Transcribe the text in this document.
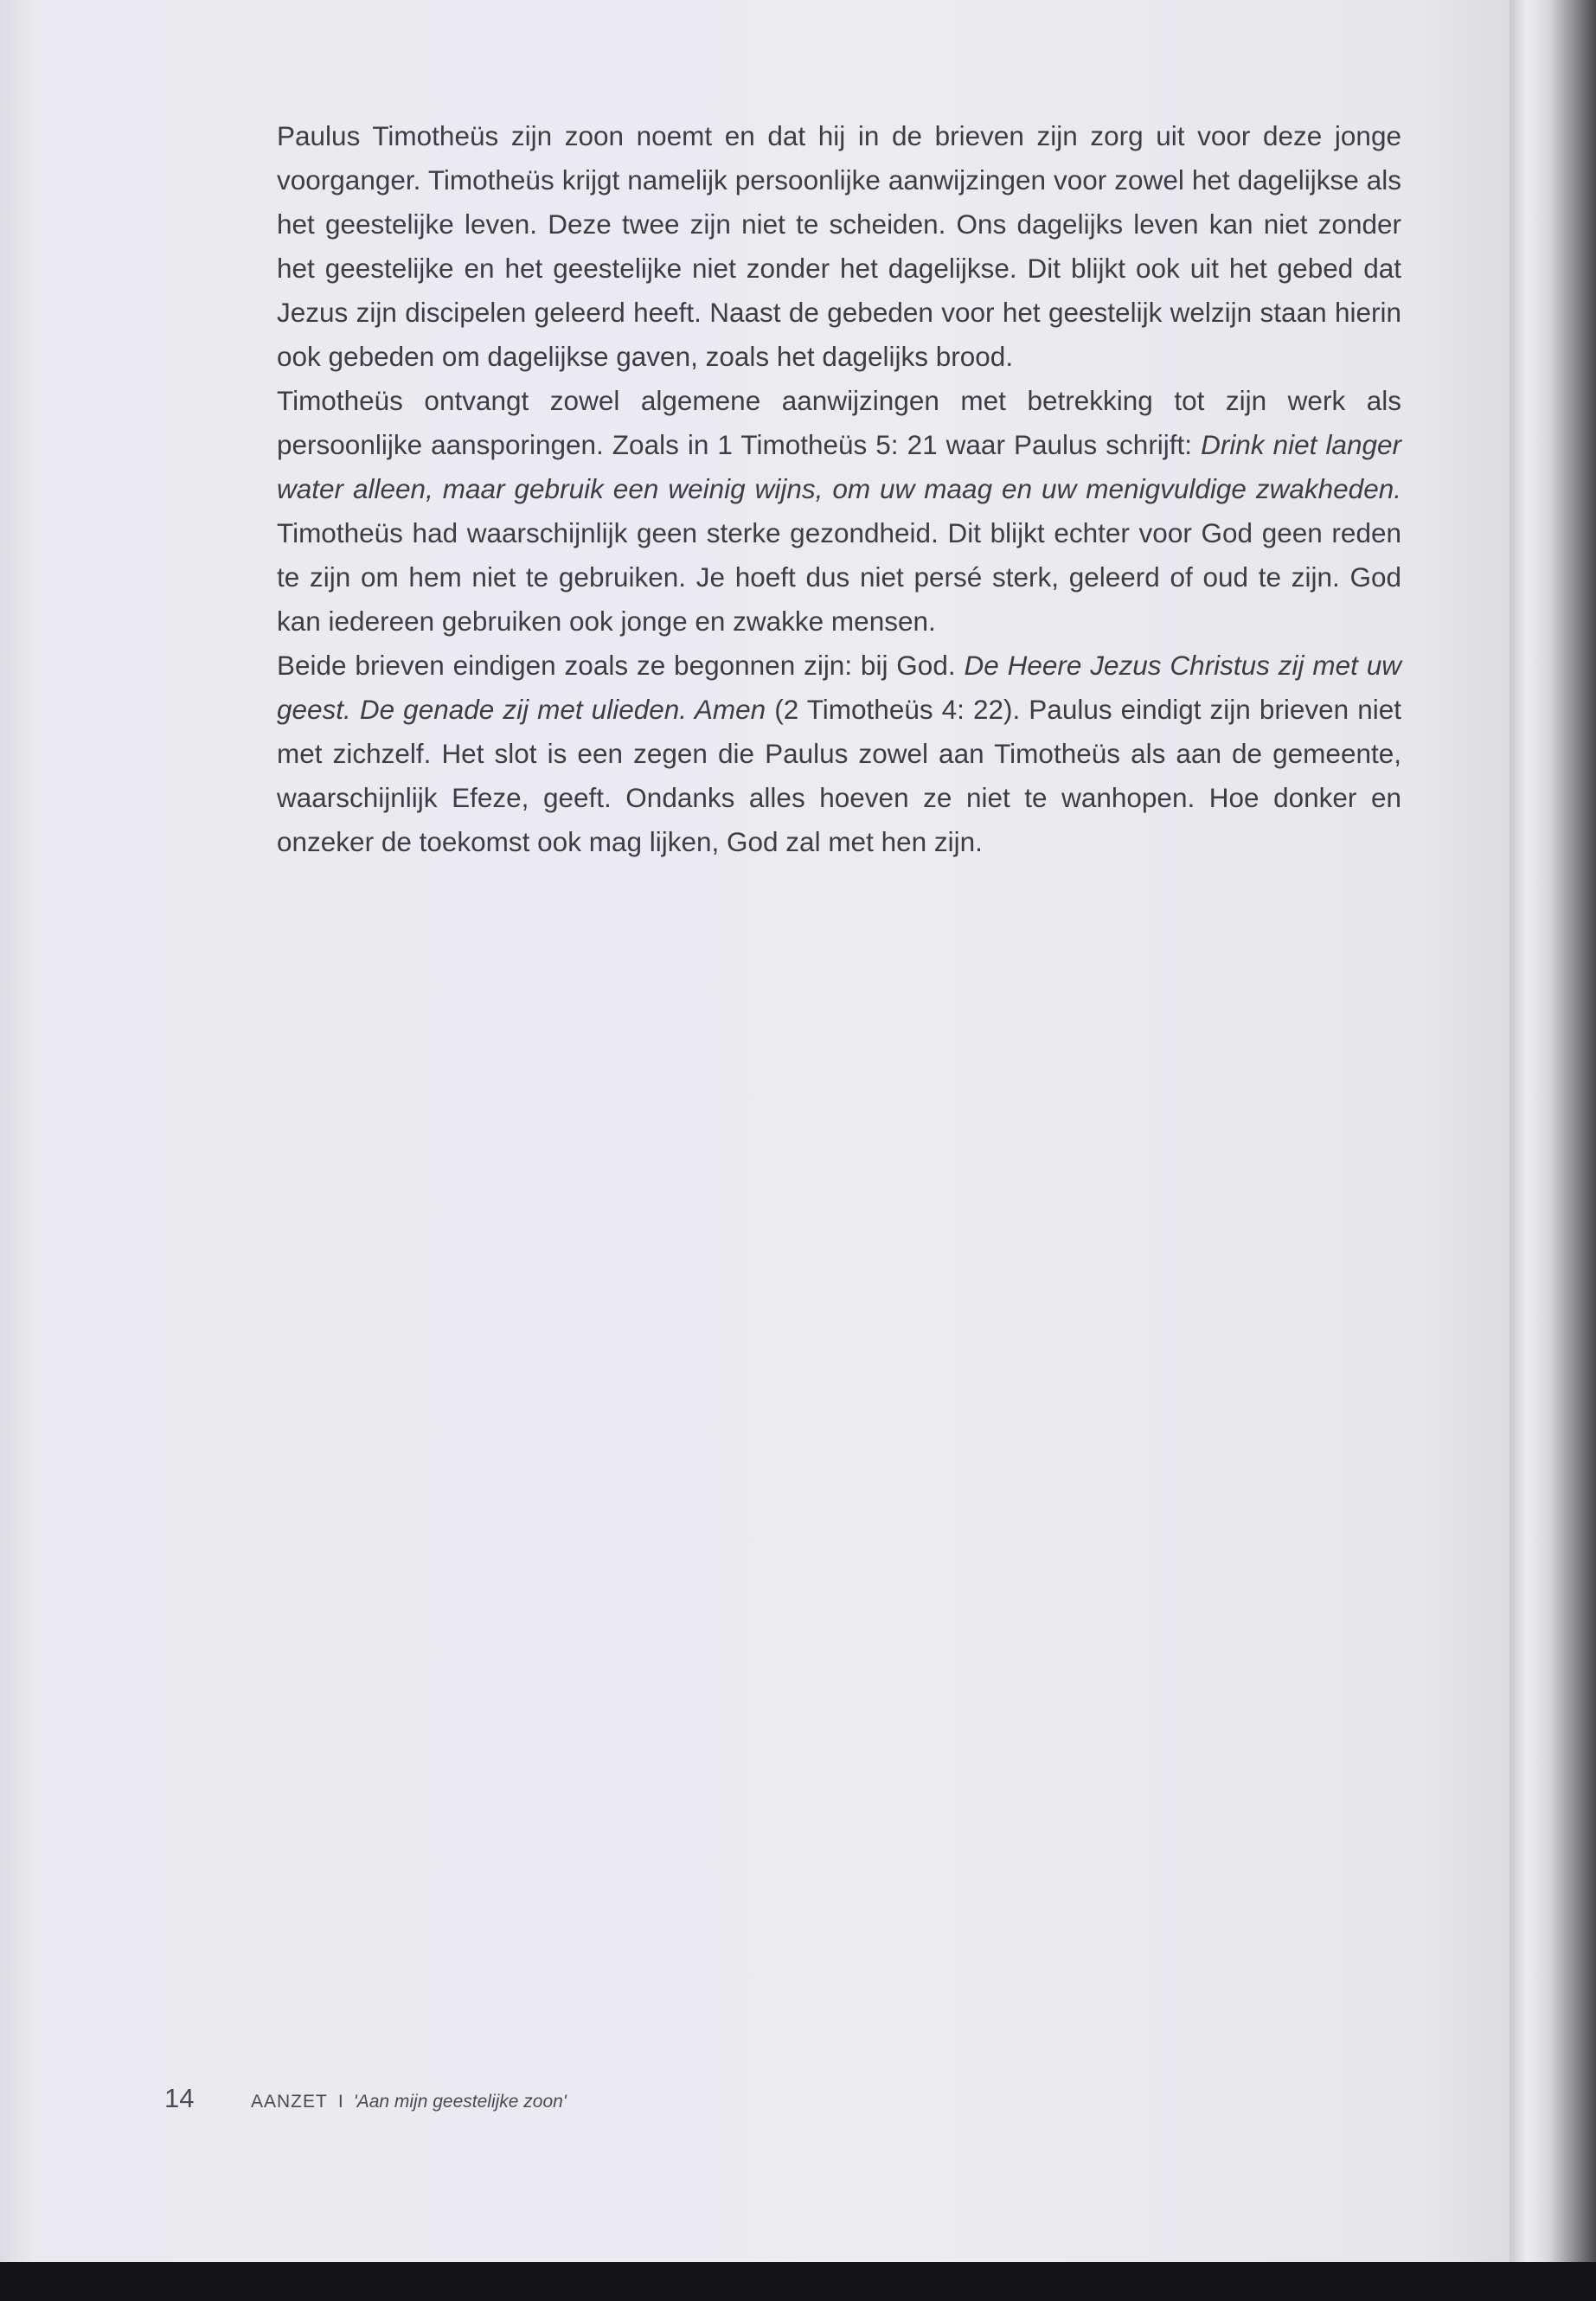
Paulus Timotheüs zijn zoon noemt en dat hij in de brieven zijn zorg uit voor deze jonge voorganger. Timotheüs krijgt namelijk persoonlijke aanwijzingen voor zowel het dagelijkse als het geestelijke leven. Deze twee zijn niet te scheiden. Ons dagelijks leven kan niet zonder het geestelijke en het geestelijke niet zonder het dagelijkse. Dit blijkt ook uit het gebed dat Jezus zijn discipelen geleerd heeft. Naast de gebeden voor het geestelijk welzijn staan hierin ook gebeden om dagelijkse gaven, zoals het dagelijks brood.

Timotheüs ontvangt zowel algemene aanwijzingen met betrekking tot zijn werk als persoonlijke aansporingen. Zoals in 1 Timotheüs 5: 21 waar Paulus schrijft: Drink niet langer water alleen, maar gebruik een weinig wijns, om uw maag en uw menigvuldige zwakheden. Timotheüs had waarschijnlijk geen sterke gezondheid. Dit blijkt echter voor God geen reden te zijn om hem niet te gebruiken. Je hoeft dus niet persé sterk, geleerd of oud te zijn. God kan iedereen gebruiken ook jonge en zwakke mensen.

Beide brieven eindigen zoals ze begonnen zijn: bij God. De Heere Jezus Christus zij met uw geest. De genade zij met ulieden. Amen (2 Timotheüs 4: 22). Paulus eindigt zijn brieven niet met zichzelf. Het slot is een zegen die Paulus zowel aan Timotheüs als aan de gemeente, waarschijnlijk Efeze, geeft. Ondanks alles hoeven ze niet te wanhopen. Hoe donker en onzeker de toekomst ook mag lijken, God zal met hen zijn.

14	AANZET I 'Aan mijn geestelijke zoon'
